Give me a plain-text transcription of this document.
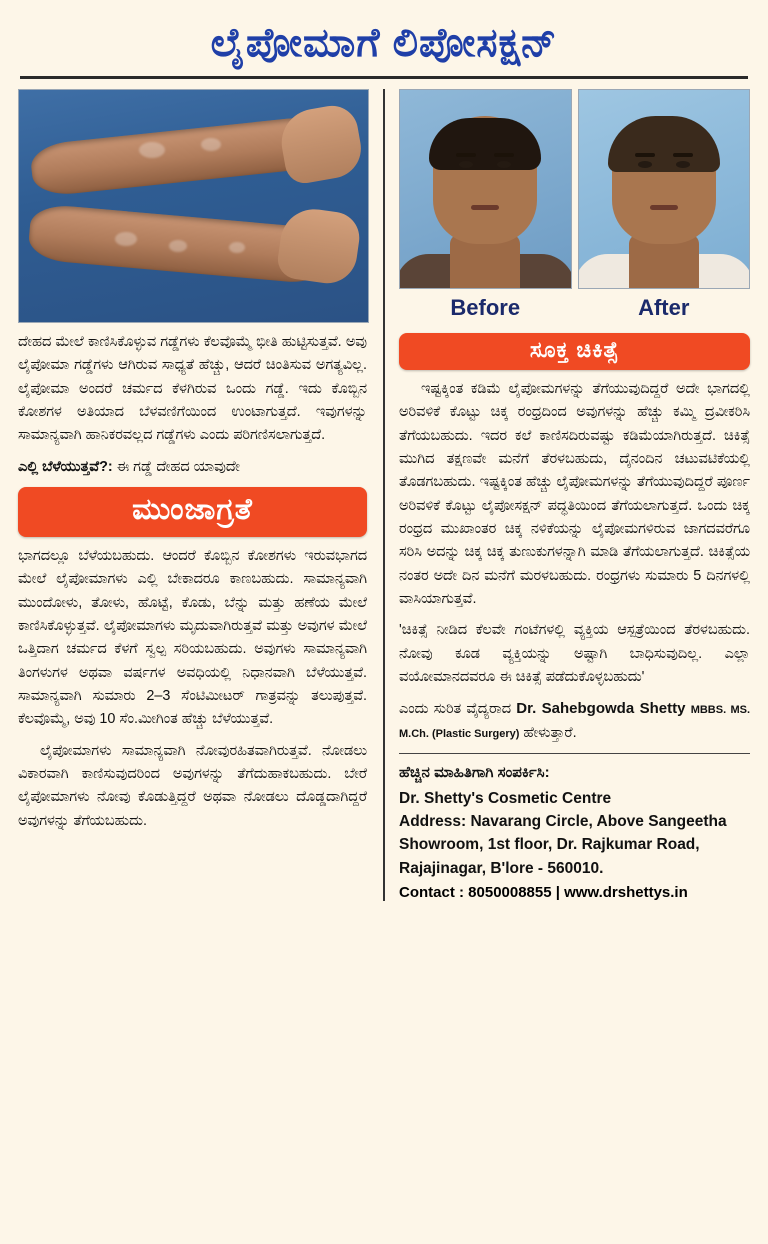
ಲೈಪೋಮಾಗೆ ಲಿಪೋಸಕ್ಷನ್

ದೇಹದ ಮೇಲೆ ಕಾಣಿಸಿಕೊಳ್ಳುವ ಗಡ್ಡೆಗಳು ಕೆಲವೊಮ್ಮೆ ಭೀತಿ ಹುಟ್ಟಿಸುತ್ತವೆ. ಅವು ಲೈಪೋಮಾ ಗಡ್ಡೆಗಳು ಆಗಿರುವ ಸಾಧ್ಯತೆ ಹೆಚ್ಚು, ಆದರೆ ಚಿಂತಿಸುವ ಅಗತ್ಯವಿಲ್ಲ. ಲೈಪೋಮಾ ಅಂದರೆ ಚರ್ಮದ ಕೆಳಗಿರುವ ಒಂದು ಗಡ್ಡೆ. ಇದು ಕೊಬ್ಬಿನ ಕೋಶಗಳ ಅತಿಯಾದ ಬೆಳವಣಿಗೆಯಿಂದ ಉಂಟಾಗುತ್ತದೆ. ಇವುಗಳನ್ನು ಸಾಮಾನ್ಯವಾಗಿ ಹಾನಿಕರವಲ್ಲದ ಗಡ್ಡೆಗಳು ಎಂದು ಪರಿಗಣಿಸಲಾಗುತ್ತದೆ.

ಎಲ್ಲಿ ಬೆಳೆಯುತ್ತವೆ?: ಈ ಗಡ್ಡೆ ದೇಹದ ಯಾವುದೇ

ಮುಂಜಾಗ್ರತೆ

ಭಾಗದಲ್ಲೂ ಬೆಳೆಯಬಹುದು. ಆಂದರೆ ಕೊಬ್ಬಿನ ಕೋಶಗಳು ಇರುವಭಾಗದ ಮೇಲೆ ಲೈಪೋಮಾಗಳು ಎಲ್ಲಿ ಬೇಕಾದರೂ ಕಾಣಬಹುದು. ಸಾಮಾನ್ಯವಾಗಿ ಮುಂದೋಳು, ತೋಳು, ಹೊಟ್ಟೆ, ಕೊಡು, ಬೆನ್ನು ಮತ್ತು ಹಣೆಯ ಮೇಲೆ ಕಾಣಿಸಿಕೊಳ್ಳುತ್ತವೆ. ಲೈಪೋಮಾಗಳು ಮೃದುವಾಗಿರುತ್ತವೆ ಮತ್ತು ಅವುಗಳ ಮೇಲೆ ಒತ್ತಿದಾಗ ಚರ್ಮದ ಕೆಳಗೆ ಸ್ವಲ್ಪ ಸರಿಯಬಹುದು. ಅವುಗಳು ಸಾಮಾನ್ಯವಾಗಿ ತಿಂಗಳುಗಳ ಅಥವಾ ವರ್ಷಗಳ ಅವಧಿಯಲ್ಲಿ ನಿಧಾನವಾಗಿ ಬೆಳೆಯುತ್ತವೆ. ಸಾಮಾನ್ಯವಾಗಿ ಸುಮಾರು 2–3 ಸೆಂಟಿಮೀಟರ್ ಗಾತ್ರವನ್ನು ತಲುಪುತ್ತವೆ. ಕೆಲವೊಮ್ಮೆ, ಅವು 10 ಸೆಂ.ಮೀಗಿಂತ ಹೆಚ್ಚು ಬೆಳೆಯುತ್ತವೆ.

ಲೈಪೋಮಾಗಳು ಸಾಮಾನ್ಯವಾಗಿ ನೋವುರಹಿತವಾಗಿರುತ್ತವೆ. ನೋಡಲು ವಿಕಾರವಾಗಿ ಕಾಣಿಸುವುದರಿಂದ ಅವುಗಳನ್ನು ತೆಗೆದುಹಾಕಬಹುದು. ಬೇರೆ ಲೈಪೋಮಾಗಳು ನೋವು ಕೊಡುತ್ತಿದ್ದರೆ ಅಥವಾ ನೋಡಲು ದೊಡ್ಡದಾಗಿದ್ದರೆ ಅವುಗಳನ್ನು ತೆಗೆಯಬಹುದು.

Before	After
ಸೂಕ್ತ ಚಿಕಿತ್ಸೆ

ಇಷ್ಟಕ್ಕಿಂತ ಕಡಿಮೆ ಲೈಪೋಮಗಳನ್ನು ತೆಗೆಯುವುದಿದ್ದರೆ ಅದೇ ಭಾಗದಲ್ಲಿ ಅರಿವಳಿಕೆ ಕೊಟ್ಟು ಚಿಕ್ಕ ರಂಧ್ರದಿಂದ ಅವುಗಳನ್ನು ಹೆಚ್ಚು ಕಮ್ಮಿ ದ್ರವೀಕರಿಸಿ ತೆಗೆಯಬಹುದು. ಇದರ ಕಲೆ ಕಾಣಿಸದಿರುವಷ್ಟು ಕಡಿಮೆಯಾಗಿರುತ್ತದೆ. ಚಿಕಿತ್ಸೆ ಮುಗಿದ ತಕ್ಷಣವೇ ಮನೆಗೆ ತೆರಳಬಹುದು, ದೈನಂದಿನ ಚಟುವಟಿಕೆಯಲ್ಲಿ ತೊಡಗಬಹುದು. ಇಷ್ಟಕ್ಕಿಂತ ಹೆಚ್ಚು ಲೈಪೋಮಗಳನ್ನು ತೆಗೆಯುವುದಿದ್ದರೆ ಪೂರ್ಣ ಅರಿವಳಿಕೆ ಕೊಟ್ಟು ಲೈಪೋಸಕ್ಷನ್ ಪದ್ಧತಿಯಿಂದ ತೆಗೆಯಲಾಗುತ್ತದೆ. ಒಂದು ಚಿಕ್ಕ ರಂಧ್ರದ ಮುಖಾಂತರ ಚಿಕ್ಕ ನಳಿಕೆಯನ್ನು ಲೈಪೋಮಗಳಿರುವ ಜಾಗದವರೆಗೂ ಸರಿಸಿ ಅದನ್ನು ಚಿಕ್ಕ ಚಿಕ್ಕ ತುಣುಕುಗಳನ್ನಾಗಿ ಮಾಡಿ ತೆಗೆಯಲಾಗುತ್ತದೆ. ಚಿಕಿತ್ಸೆಯ ನಂತರ ಅದೇ ದಿನ ಮನೆಗೆ ಮರಳಬಹುದು. ರಂಧ್ರಗಳು ಸುಮಾರು 5 ದಿನಗಳಲ್ಲಿ ವಾಸಿಯಾಗುತ್ತವೆ.

'ಚಿಕಿತ್ಸೆ ನೀಡಿದ ಕೆಲವೇ ಗಂಟೆಗಳಲ್ಲಿ ವ್ಯಕ್ತಿಯ ಆಸ್ಪತ್ರೆಯಿಂದ ತೆರಳಬಹುದು. ನೋವು ಕೂಡ ವ್ಯಕ್ತಿಯನ್ನು ಅಷ್ಟಾಗಿ ಬಾಧಿಸುವುದಿಲ್ಲ. ಎಲ್ಲಾ ವಯೋಮಾನದವರೂ ಈ ಚಿಕಿತ್ಸೆ ಪಡೆದುಕೊಳ್ಳಬಹುದು'

ಎಂದು ಸುರಿತ ವೈದ್ಯರಾದ Dr. Sahebgowda Shetty MBBS. MS. M.Ch. (Plastic Surgery) ಹೇಳುತ್ತಾರೆ.

ಹೆಚ್ಚಿನ ಮಾಹಿತಿಗಾಗಿ ಸಂಪರ್ಕಿಸಿ:
Dr. Shetty's Cosmetic Centre
Address: Navarang Circle, Above Sangeetha
Showroom, 1st floor, Dr. Rajkumar Road,
Rajajinagar, B'lore - 560010.
Contact : 8050008855 | www.drshettys.in
